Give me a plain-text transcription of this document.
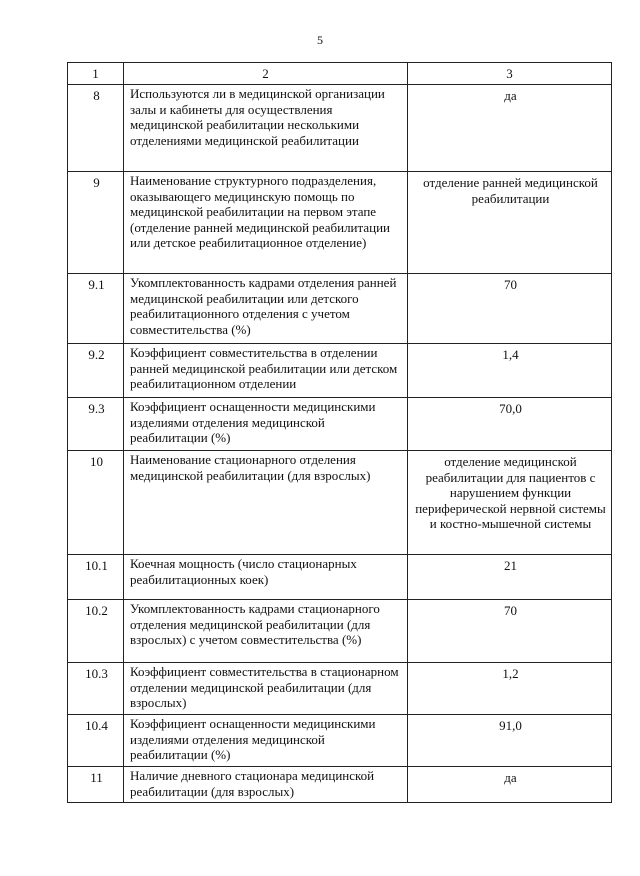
5
1	2	3
8	Используются ли в медицинской организации залы и кабинеты для осуществления медицинской реабилитации несколькими отделениями медицинской реабилитации	да
9	Наименование структурного подразделения, оказывающего медицинскую помощь по медицинской реабилитации на первом этапе (отделение ранней медицинской реабилитации или детское реабилитационное отделение)	отделение ранней медицинской реабилитации
9.1	Укомплектованность кадрами отделения ранней медицинской реабилитации или детского реабилитационного отделения с учетом совместительства (%)	70
9.2	Коэффициент совместительства в отделении ранней медицинской реабилитации или детском реабилитационном отделении	1,4
9.3	Коэффициент оснащенности медицинскими изделиями отделения медицинской реабилитации (%)	70,0
10	Наименование стационарного отделения медицинской реабилитации (для взрослых)	отделение медицинской реабилитации для пациентов с нарушением функции периферической нервной системы и костно-мышечной системы
10.1	Коечная мощность (число стационарных реабилитационных коек)	21
10.2	Укомплектованность кадрами стационарного отделения медицинской реабилитации (для взрослых) с учетом совместительства (%)	70
10.3	Коэффициент совместительства в стационарном отделении медицинской реабилитации (для взрослых)	1,2
10.4	Коэффициент оснащенности медицинскими изделиями отделения медицинской реабилитации (%)	91,0
11	Наличие дневного стационара медицинской реабилитации (для взрослых)	да
